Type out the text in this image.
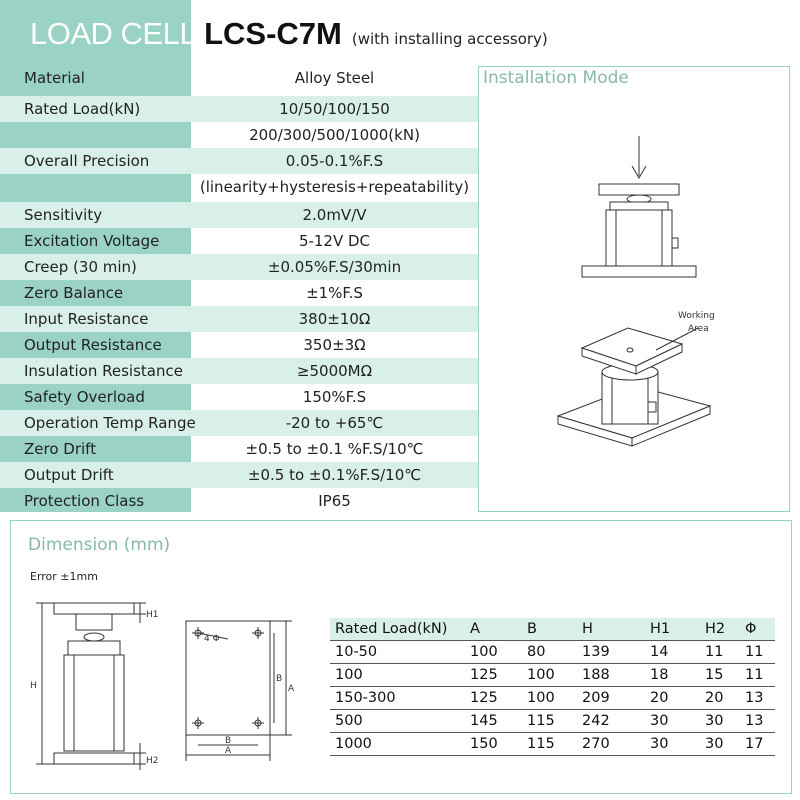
LOAD CELL LCS-C7M (with installing accessory)
Material	Alloy Steel
Rated Load(kN)	10/50/100/150
200/300/500/1000(kN)
Overall Precision	0.05-0.1%F.S
(linearity+hysteresis+repeatability)
Sensitivity	2.0mV/V
Excitation Voltage	5-12V DC
Creep (30 min)	±0.05%F.S/30min
Zero Balance	±1%F.S
Input Resistance	380±10Ω
Output Resistance	350±3Ω
Insulation Resistance	≥5000MΩ
Safety Overload	150%F.S
Operation Temp Range	-20 to +65℃
Zero Drift	±0.5 to ±0.1 %F.S/10℃
Output Drift	±0.5 to ±0.1%F.S/10℃
Protection Class	IP65
Installation Mode
Working
Area
Dimension (mm)
Error ±1mm
H
H1
H2
4 Φ
B
A
B
A
Rated Load(kN)	A	B	H	H1	H2	Φ
10-50	100	80	139	14	11	11
100	125	100	188	18	15	11
150-300	125	100	209	20	20	13
500	145	115	242	30	30	13
1000	150	115	270	30	30	17
